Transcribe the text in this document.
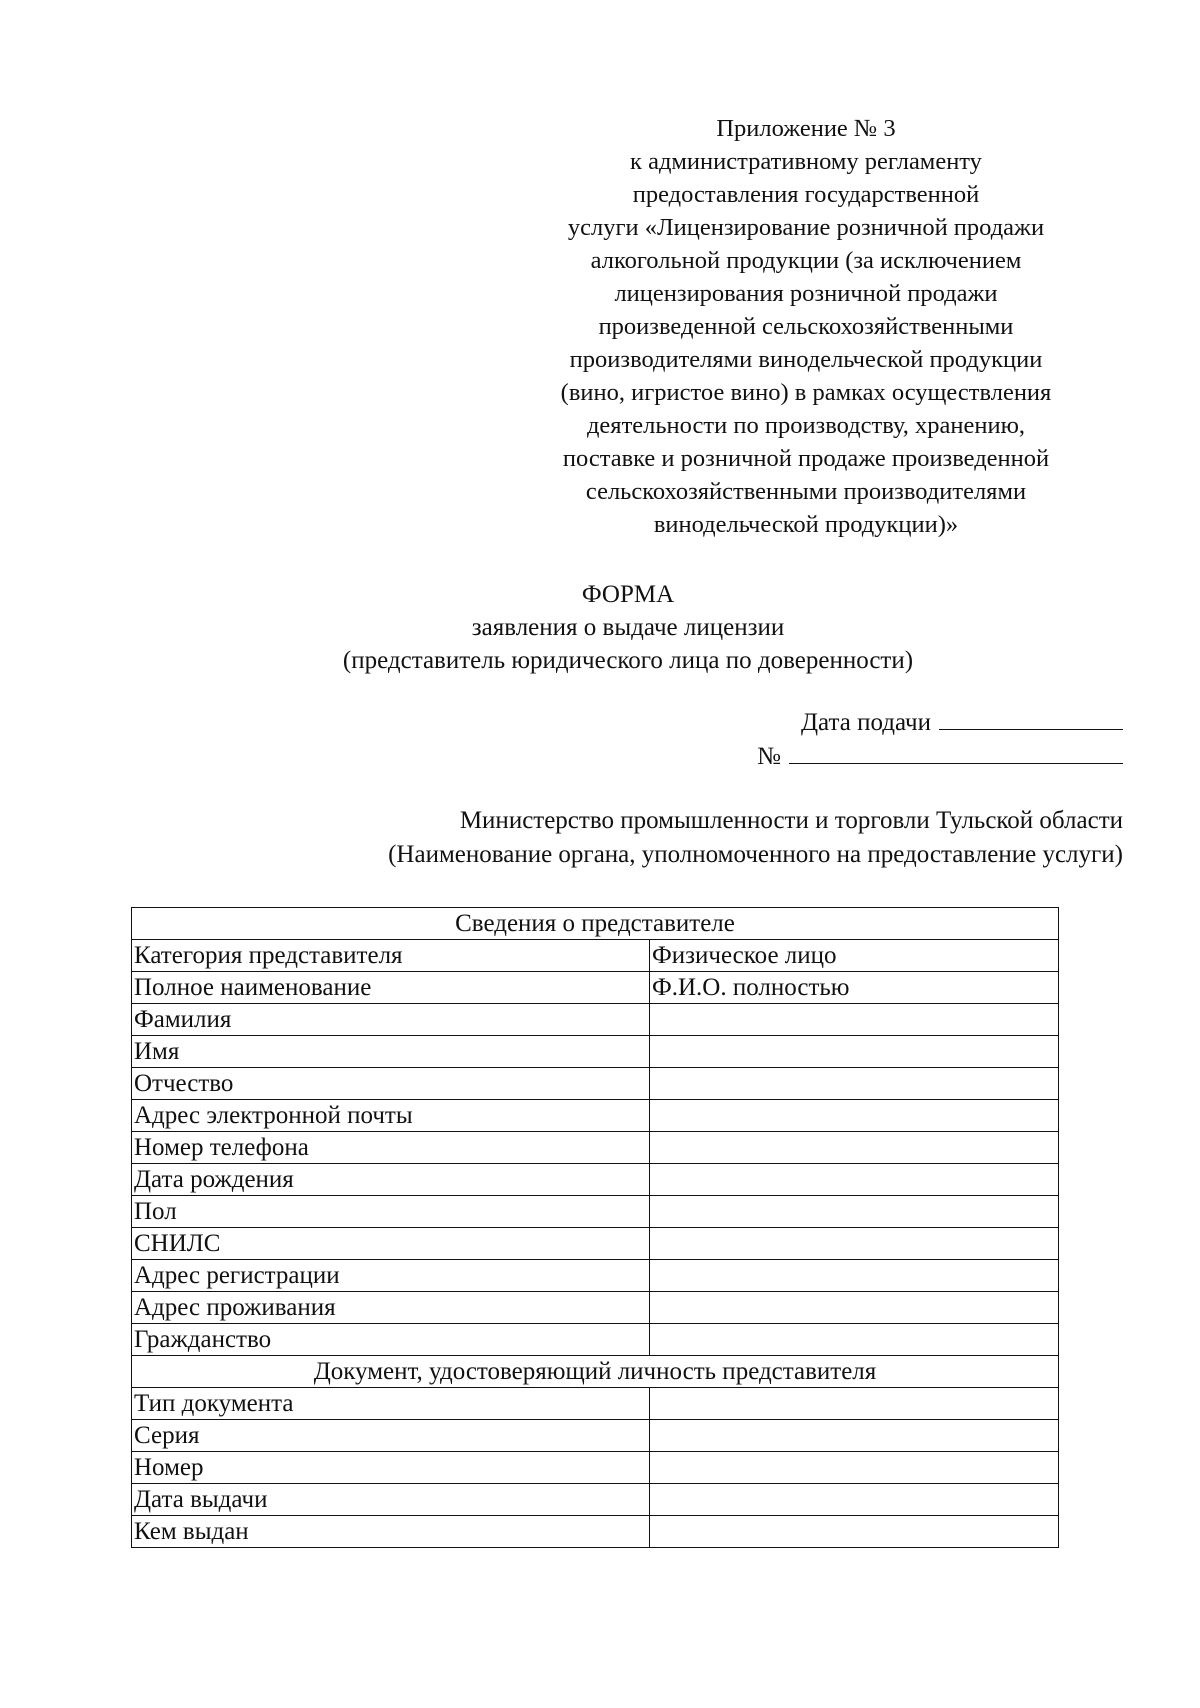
Приложение № 3
к административному регламенту
предоставления государственной
услуги «Лицензирование розничной продажи
алкогольной продукции (за исключением
лицензирования розничной продажи
произведенной сельскохозяйственными
производителями винодельческой продукции
(вино, игристое вино) в рамках осуществления
деятельности по производству, хранению,
поставке и розничной продаже произведенной
сельскохозяйственными производителями
винодельческой продукции)»
ФОРМА
заявления о выдаче лицензии
(представитель юридического лица по доверенности)
Дата подачи
№
Министерство промышленности и торговли Тульской области
(Наименование органа, уполномоченного на предоставление услуги)
Сведения о представителе	
Категория представителя	Физическое лицо
Полное наименование	Ф.И.О. полностью
Фамилия	
Имя	
Отчество	
Адрес электронной почты	
Номер телефона	
Дата рождения	
Пол	
СНИЛС	
Адрес регистрации	
Адрес проживания	
Гражданство	
Документ, удостоверяющий личность представителя	
Тип документа	
Серия	
Номер	
Дата выдачи	
Кем выдан	
